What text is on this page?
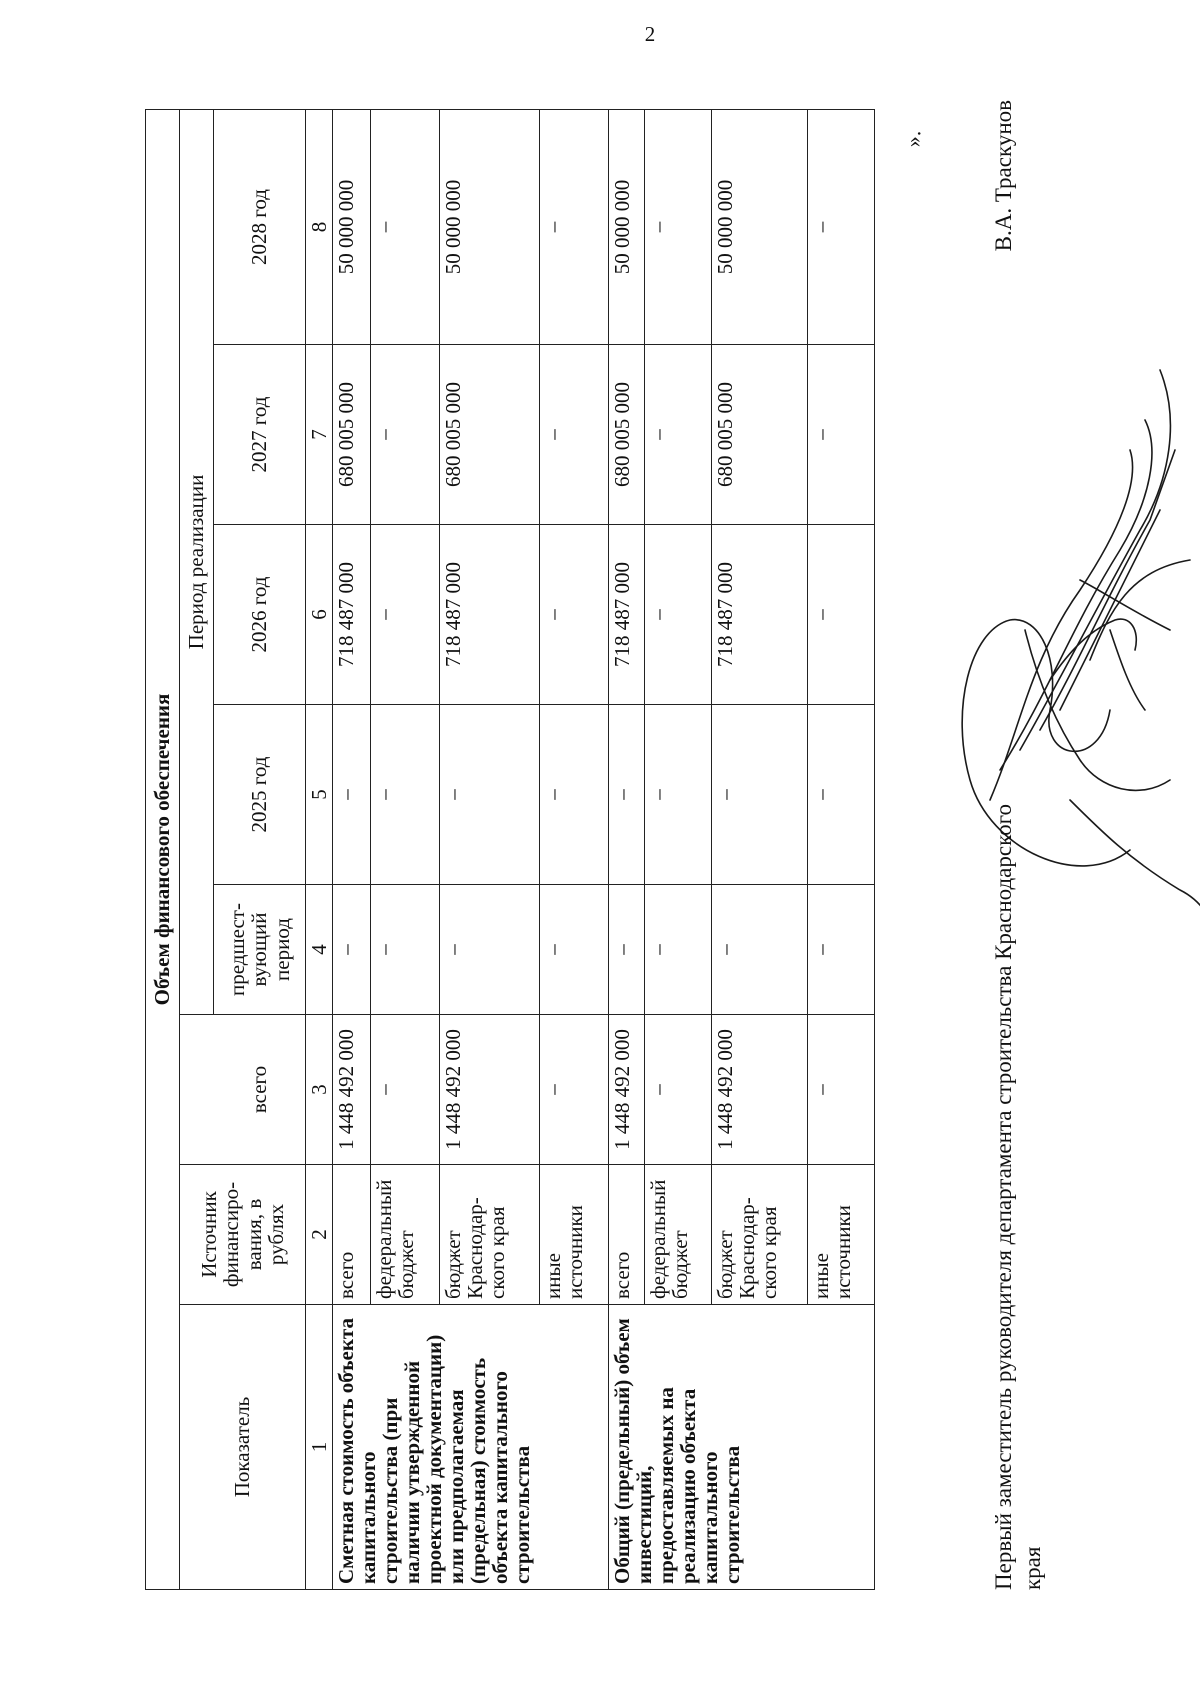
2
Объем финансового обеспечения							
Показатель	Источник финансиро-вания, в рублях		Период реализации				
		всего	предшест-вующий период	2025 год	2026 год	2027 год	2028 год
1	2	3	4	5	6	7	8
Сметная стоимость объекта капитального строительства (при наличии утвержденной проектной документации) или предполагаемая (предельная) стоимость объекта капитального строительства	всего	1 448 492 000	–	–	718 487 000	680 005 000	50 000 000
	федеральный бюджет	–	–	–	–	–	–
	бюджет Краснодар-ского края	1 448 492 000	–	–	718 487 000	680 005 000	50 000 000
	иные источники	–	–	–	–	–	–
Общий (предельный) объем инвестиций, предоставляемых на реализацию объекта капитального строительства	всего	1 448 492 000	–	–	718 487 000	680 005 000	50 000 000
	федеральный бюджет	–	–	–	–	–	–
	бюджет Краснодар-ского края	1 448 492 000	–	–	718 487 000	680 005 000	50 000 000
	иные источники	–	–	–	–	–	–
».
Первый заместитель руководителя департамента строительства Краснодарского края
В.А. Траскунов
